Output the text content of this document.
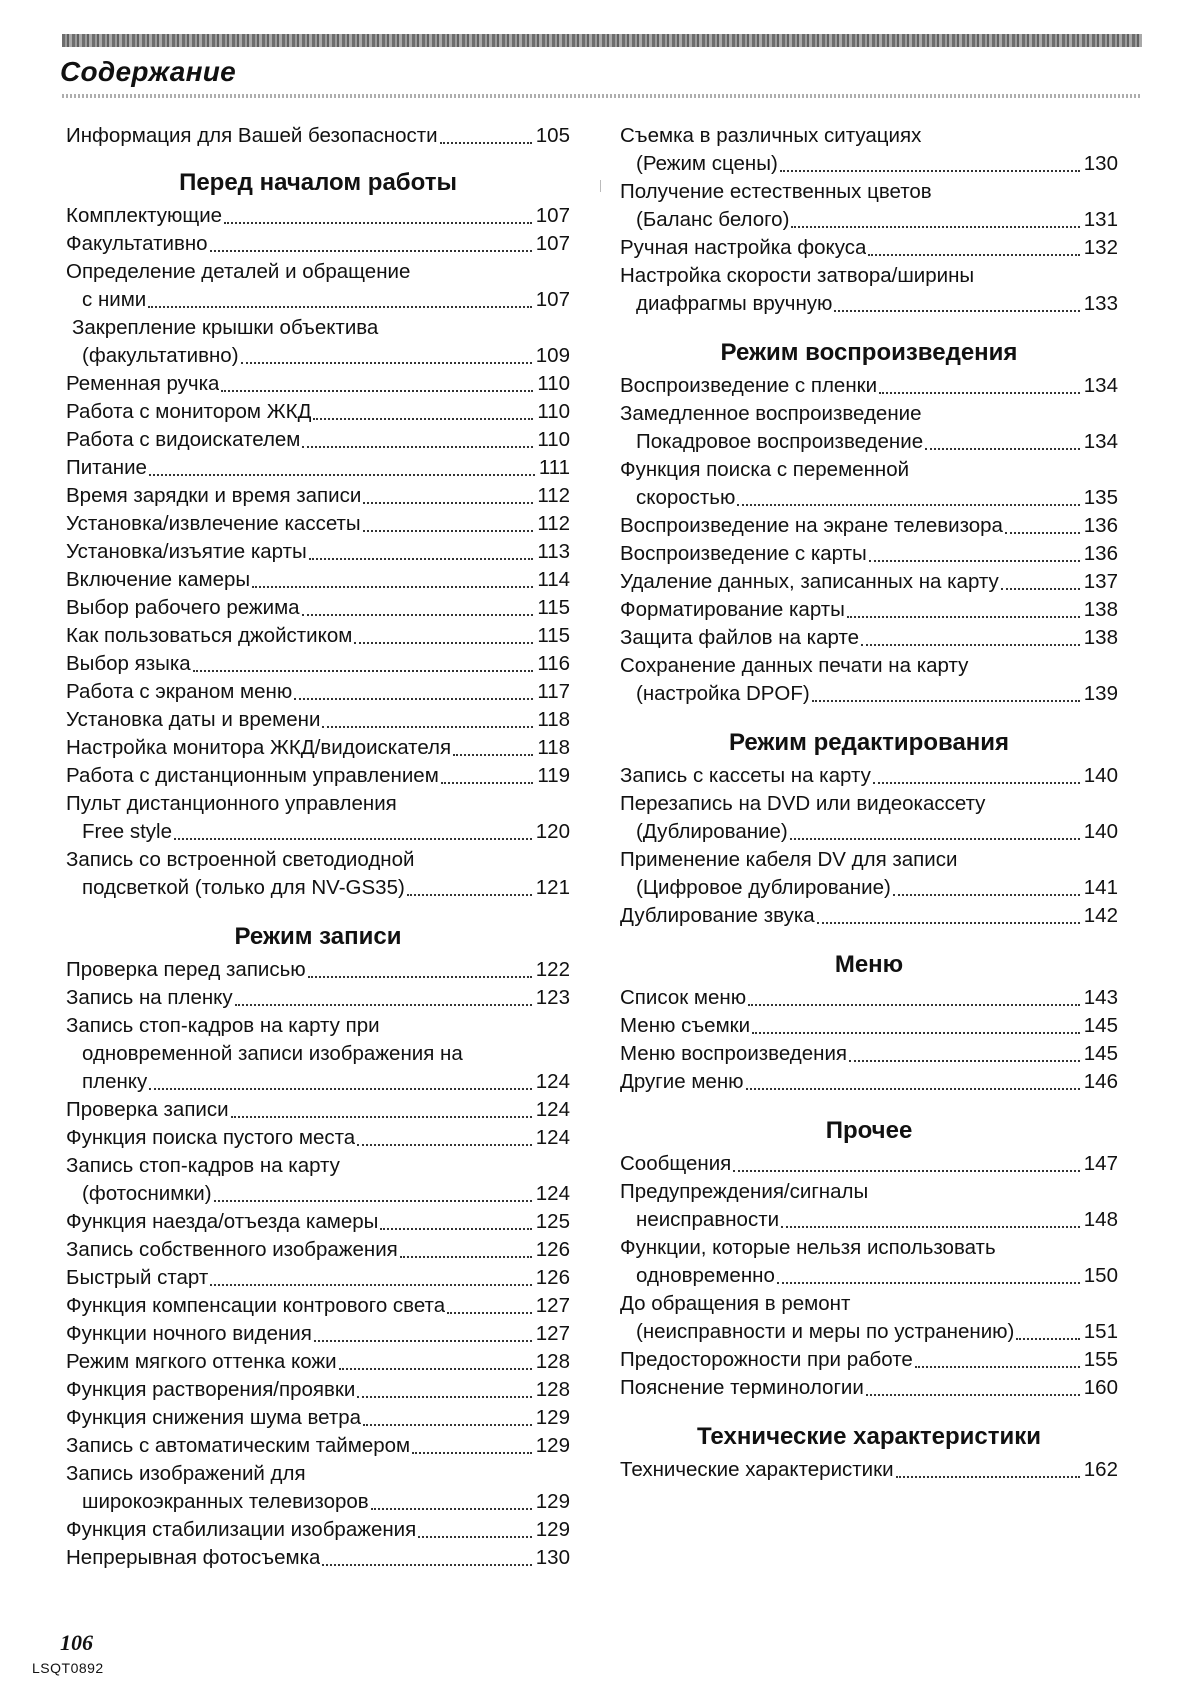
Содержание
Информация для Вашей безопасности	105
Перед началом работы
Комплектующие	107
Факультативно	107
Определение деталей и обращение
с ними	107
Закрепление крышки объектива
(факультативно)	109
Ременная ручка	110
Работа с монитором ЖКД	110
Работа с видоискателем	110
Питание	111
Время зарядки и время записи	112
Установка/извлечение кассеты	112
Установка/изъятие карты	113
Включение камеры	114
Выбор рабочего режима	115
Как пользоваться джойстиком	115
Выбор языка	116
Работа с экраном меню	117
Установка даты и времени	118
Настройка монитора ЖКД/видоискателя	118
Работа с дистанционным управлением	119
Пульт дистанционного управления
Free style	120
Запись со встроенной светодиодной
подсветкой (только для NV-GS35)	121
Режим записи
Проверка перед записью	122
Запись на пленку	123
Запись стоп-кадров на карту при
одновременной записи изображения на
пленку	124
Проверка записи	124
Функция поиска пустого места	124
Запись стоп-кадров на карту
(фотоснимки)	124
Функция наезда/отъезда камеры	125
Запись собственного изображения	126
Быстрый старт	126
Функция компенсации контрового света	127
Функции ночного видения	127
Режим мягкого оттенка кожи	128
Функция растворения/проявки	128
Функция снижения шума ветра	129
Запись с автоматическим таймером	129
Запись изображений для
широкоэкранных телевизоров	129
Функция стабилизации изображения	129
Непрерывная фотосъемка	130
Съемка в различных ситуациях
(Режим сцены)	130
Получение естественных цветов
(Баланс белого)	131
Ручная настройка фокуса	132
Настройка скорости затвора/ширины
диафрагмы вручную	133
Режим воспроизведения
Воспроизведение с пленки	134
Замедленное воспроизведение
Покадровое воспроизведение	134
Функция поиска с переменной
скоростью	135
Воспроизведение на экране телевизора	136
Воспроизведение с карты	136
Удаление данных, записанных на карту	137
Форматирование карты	138
Защита файлов на карте	138
Сохранение данных печати на карту
(настройка DPOF)	139
Режим редактирования
Запись с кассеты на карту	140
Перезапись на DVD или видеокассету
(Дублирование)	140
Применение кабеля DV для записи
(Цифровое дублирование)	141
Дублирование звука	142
Меню
Список меню	143
Меню съемки	145
Меню воспроизведения	145
Другие меню	146
Прочее
Сообщения	147
Предупреждения/сигналы
неисправности	148
Функции, которые нельзя использовать
одновременно	150
До обращения в ремонт
(неисправности и меры по устранению)	151
Предосторожности при работе	155
Пояснение терминологии	160
Технические характеристики
Технические характеристики	162
106
LSQT0892
